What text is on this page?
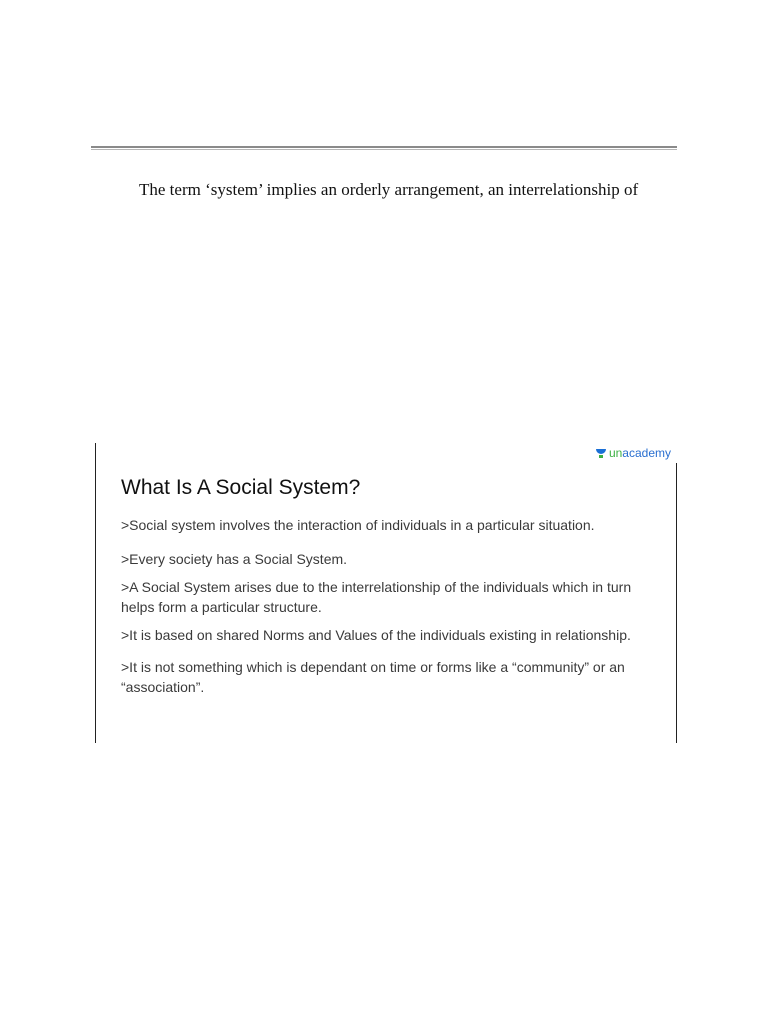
The term ‘system’ implies an orderly arrangement, an interrelationship of
unacademy
What Is A Social System?
>Social system involves the interaction of individuals in a particular situation.
>Every society has a Social System.
>A Social System arises due to the interrelationship of the individuals which in turn helps form a particular structure.
>It is based on shared Norms and Values of the individuals existing in relationship.
>It is not something which is dependant on time or forms like a “community” or an “association”.
